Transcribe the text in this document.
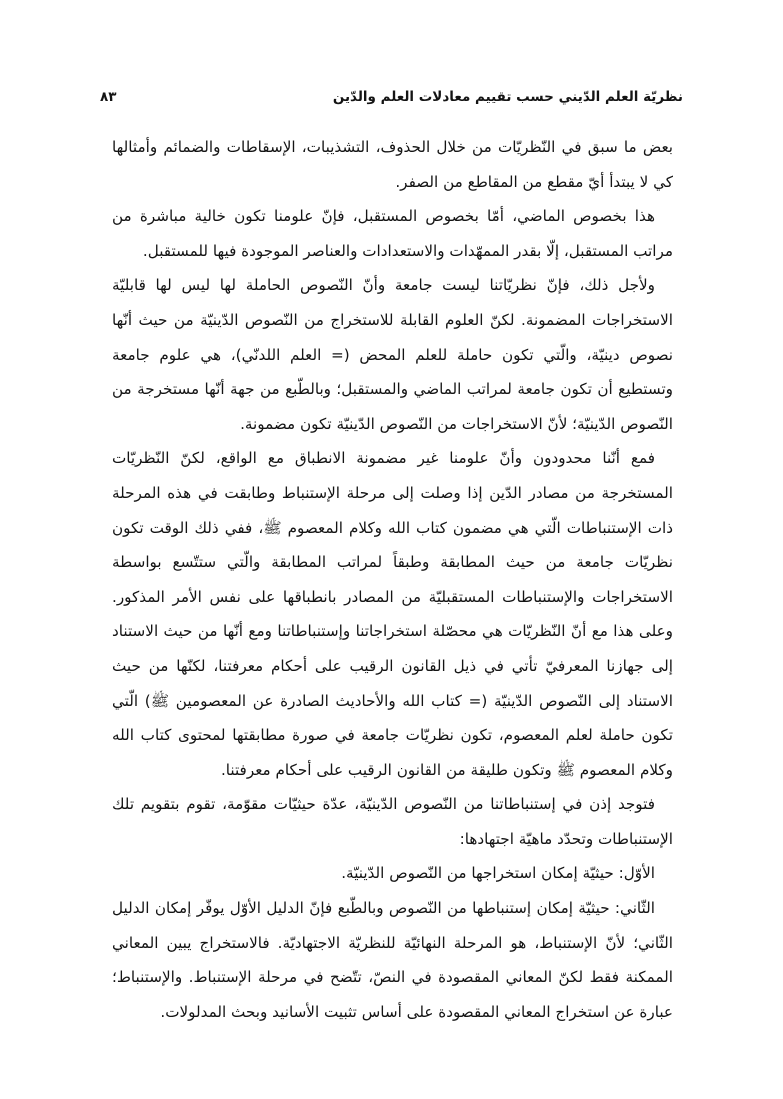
نظريّة العلم الدّيني حسب تقييم معادلات العلم والدّين
٨٣

بعض ما سبق في النّظريّات من خلال الحذوف، التشذيبات، الإسقاطات والضمائم وأمثالها كي لا يبتدأ أيّ مقطع من المقاطع من الصفر.

هذا بخصوص الماضي، أمّا بخصوص المستقبل، فإنّ علومنا تكون خالية مباشرة من مراتب المستقبل، إلّا بقدر الممهّدات والاستعدادات والعناصر الموجودة فيها للمستقبل.

ولأجل ذلك، فإنّ نظريّاتنا ليست جامعة وأنّ النّصوص الحاملة لها ليس لها قابليّة الاستخراجات المضمونة. لكنّ العلوم القابلة للاستخراج من النّصوص الدّينيّة من حيث أنّها نصوص دينيّة، والّتي تكون حاملة للعلم المحض (= العلم اللدنّي)، هي علوم جامعة وتستطيع أن تكون جامعة لمراتب الماضي والمستقبل؛ وبالطّبع من جهة أنّها مستخرجة من النّصوص الدّينيّة؛ لأنّ الاستخراجات من النّصوص الدّينيّة تكون مضمونة.

فمع أنّنا محدودون وأنّ علومنا غير مضمونة الانطباق مع الواقع، لكنّ النّظريّات المستخرجة من مصادر الدّين إذا وصلت إلى مرحلة الإستنباط وطابقت في هذه المرحلة ذات الإستنباطات الّتي هي مضمون كتاب الله وكلام المعصوم ﷺ، ففي ذلك الوقت تكون نظريّات جامعة من حيث المطابقة وطبقاً لمراتب المطابقة والّتي ستتّسع بواسطة الاستخراجات والإستنباطات المستقبليّة من المصادر بانطباقها على نفس الأمر المذكور. وعلى هذا مع أنّ النّظريّات هي محصّلة استخراجاتنا وإستنباطاتنا ومع أنّها من حيث الاستناد إلى جهازنا المعرفيّ تأتي في ذيل القانون الرقيب على أحكام معرفتنا، لكنّها من حيث الاستناد إلى النّصوص الدّينيّة (= كتاب الله والأحاديث الصادرة عن المعصومين ﷺ) الّتي تكون حاملة لعلم المعصوم، تكون نظريّات جامعة في صورة مطابقتها لمحتوى كتاب الله وكلام المعصوم ﷺ وتكون طليقة من القانون الرقيب على أحكام معرفتنا.

فتوجد إذن في إستنباطاتنا من النّصوص الدّينيّة، عدّة حيثيّات مقوّمة، تقوم بتقويم تلك الإستنباطات وتحدّد ماهيّة اجتهادها:

الأوّل: حيثيّة إمكان استخراجها من النّصوص الدّينيّة.

الثّاني: حيثيّة إمكان إستنباطها من النّصوص وبالطّبع فإنّ الدليل الأوّل يوفّر إمكان الدليل الثّاني؛ لأنّ الإستنباط، هو المرحلة النهائيّة للنظريّة الاجتهاديّة. فالاستخراج يبين المعاني الممكنة فقط لكنّ المعاني المقصودة في النصّ، تتّضح في مرحلة الإستنباط. والإستنباط؛ عبارة عن استخراج المعاني المقصودة على أساس تثبيت الأسانيد وبحث المدلولات.
